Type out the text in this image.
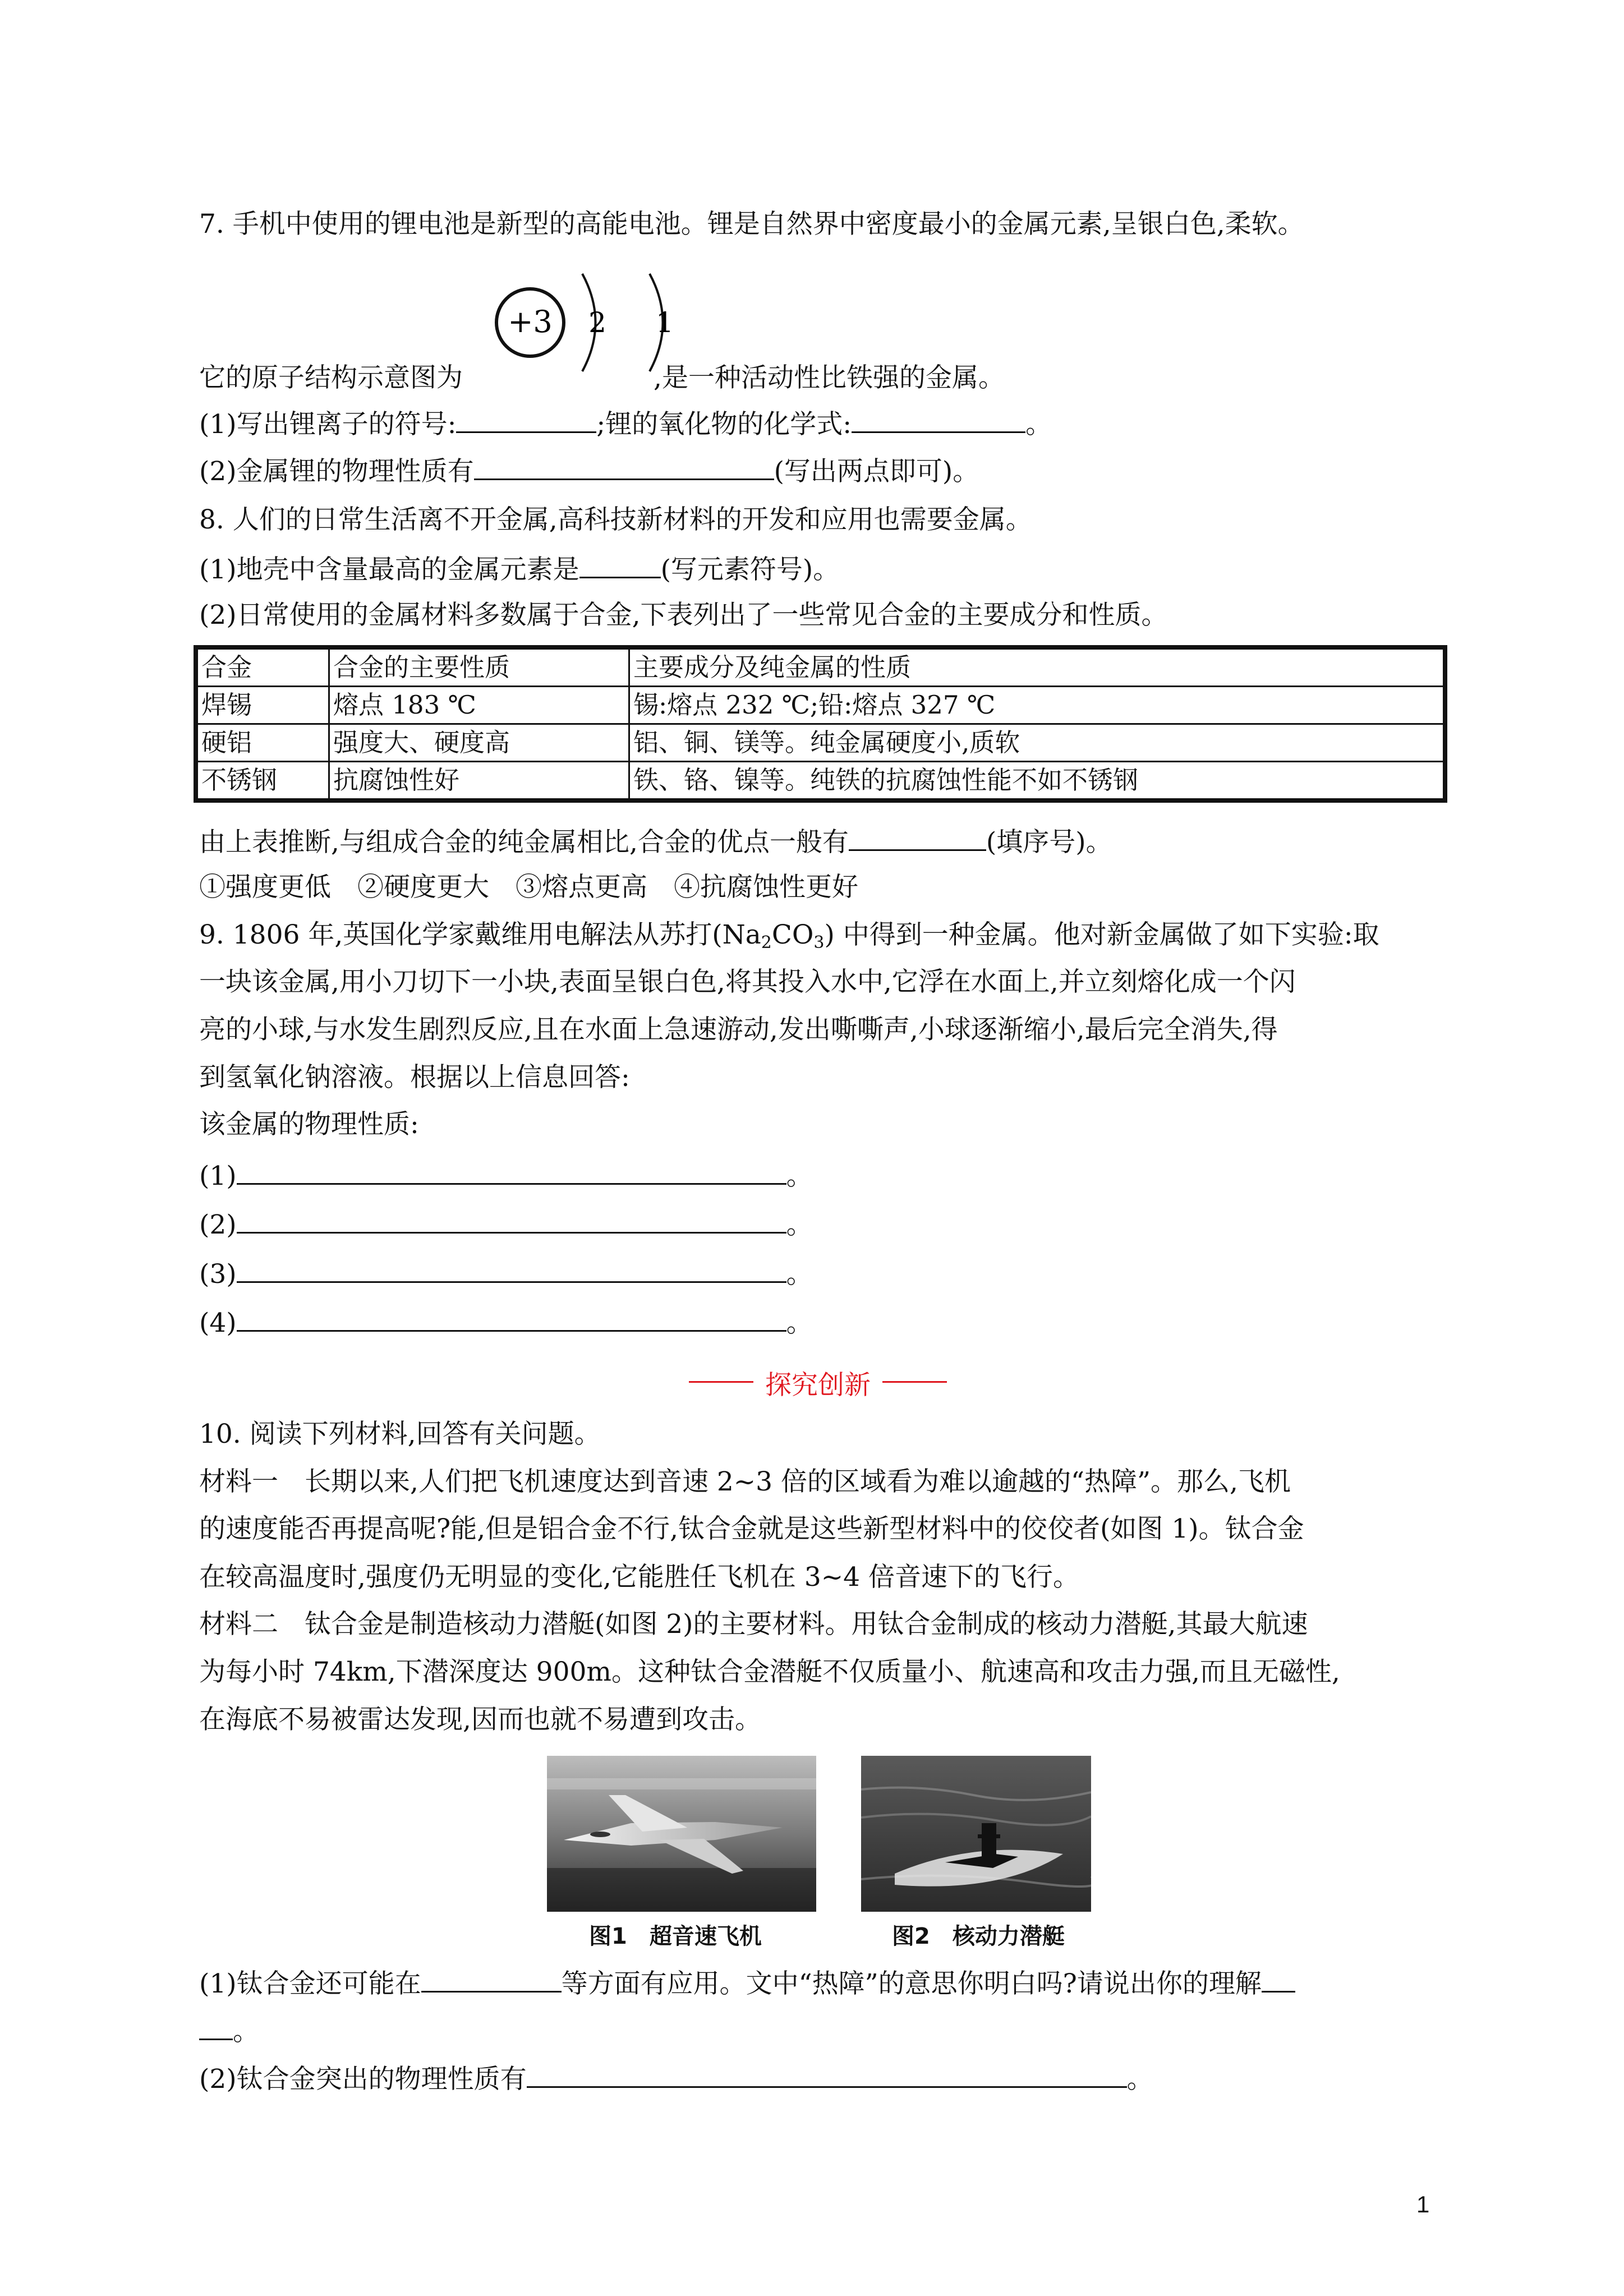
7. 手机中使用的锂电池是新型的高能电池。锂是自然界中密度最小的金属元素,呈银白色,柔软。
+3 2 1
它的原子结构示意图为	,是一种活动性比铁强的金属。
(1)写出锂离子的符号:	;锂的氧化物的化学式:	。
(2)金属锂的物理性质有	(写出两点即可)。
8. 人们的日常生活离不开金属,高科技新材料的开发和应用也需要金属。
(1)地壳中含量最高的金属元素是	(写元素符号)。
(2)日常使用的金属材料多数属于合金,下表列出了一些常见合金的主要成分和性质。
合金	合金的主要性质	主要成分及纯金属的性质
焊锡	熔点 183 ℃	锡:熔点 232 ℃;铅:熔点 327 ℃
硬铝	强度大、硬度高	铝、铜、镁等。纯金属硬度小,质软
不锈钢	抗腐蚀性好	铁、铬、镍等。纯铁的抗腐蚀性能不如不锈钢
由上表推断,与组成合金的纯金属相比,合金的优点一般有	(填序号)。
①强度更低　②硬度更大　③熔点更高　④抗腐蚀性更好
9. 1806 年,英国化学家戴维用电解法从苏打$(Na_2CO_3)$ 中得到一种金属。他对新金属做了如下实验:取
一块该金属,用小刀切下一小块,表面呈银白色,将其投入水中,它浮在水面上,并立刻熔化成一个闪
亮的小球,与水发生剧烈反应,且在水面上急速游动,发出嘶嘶声,小球逐渐缩小,最后完全消失,得
到氢氧化钠溶液。根据以上信息回答:
该金属的物理性质:
(1)	。
(2)	。
(3)	。
(4)	。
探究创新
10. 阅读下列材料,回答有关问题。
材料一　长期以来,人们把飞机速度达到音速 2~3 倍的区域看为难以逾越的“热障”。那么,飞机
的速度能否再提高呢?能,但是铝合金不行,钛合金就是这些新型材料中的佼佼者(如图 1)。钛合金
在较高温度时,强度仍无明显的变化,它能胜任飞机在 3~4 倍音速下的飞行。
材料二　钛合金是制造核动力潜艇(如图 2)的主要材料。用钛合金制成的核动力潜艇,其最大航速
为每小时 74km,下潜深度达 900m。这种钛合金潜艇不仅质量小、航速高和攻击力强,而且无磁性,
在海底不易被雷达发现,因而也就不易遭到攻击。
图1　超音速飞机	图2　核动力潜艇
(1)钛合金还可能在	等方面有应用。文中“热障”的意思你明白吗?请说出你的理解
。
(2)钛合金突出的物理性质有	。
1
